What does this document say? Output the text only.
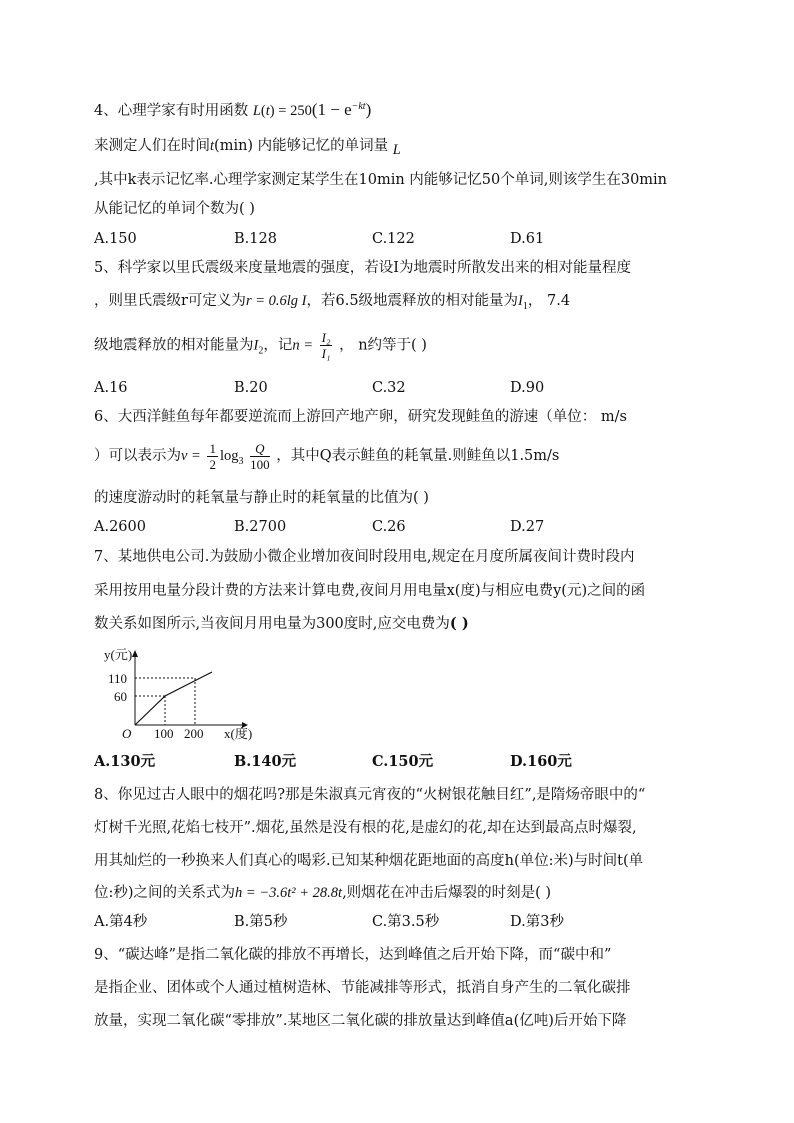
4、心理学家有时用函数 $L(t) = 250(1 - e^{-kt})$
来测定人们在时间t(min) 内能够记忆的单词量 L
,其中k表示记忆率.心理学家测定某学生在10min 内能够记忆50个单词,则该学生在30min
从能记忆的单词个数为( )
A.150	B.128	C.122	D.61
5、科学家以里氏震级来度量地震的强度，若设I为地震时所散发出来的相对能量程度
，则里氏震级r可定义为r = 0.6lg I，若6.5级地震释放的相对能量为$I_1$， 7.4
级地震释放的相对能量为$I_2$，记$n = \frac{\text{I₂}}{\text{I₁}}$ ， n约等于( )
A.16	B.20	C.32	D.90
6、大西洋鲑鱼每年都要逆流而上游回产地产卵，研究发现鲑鱼的游速（单位： m/s
）可以表示为$v = \frac{1}{2} \log_3 \frac{Q}{100}$ ，其中Q表示鲑鱼的耗氧量.则鲑鱼以1.5m/s
的速度游动时的耗氧量与静止时的耗氧量的比值为( )
A.2600	B.2700	C.26	D.27
7、某地供电公司.为鼓励小微企业增加夜间时段用电,规定在月度所属夜间计费时段内
采用按用电量分段计费的方法来计算电费,夜间月用电量x(度)与相应电费y(元)之间的函
数关系如图所示,当夜间月用电量为300度时,应交电费为( )
y(元)
110
60
O 100 200 x(度)
A.130元	B.140元	C.150元	D.160元
8、你见过古人眼中的烟花吗?那是朱淑真元宵夜的“火树银花触目红”,是隋炀帝眼中的“
灯树千光照,花焰七枝开”.烟花,虽然是没有根的花,是虚幻的花,却在达到最高点时爆裂,
用其灿烂的一秒换来人们真心的喝彩.已知某种烟花距地面的高度h(单位:米)与时间t(单
位:秒)之间的关系式为h = −3.6t² + 28.8t,则烟花在冲击后爆裂的时刻是( )
A.第4秒	B.第5秒	C.第3.5秒	D.第3秒
9、“碳达峰”是指二氧化碳的排放不再增长，达到峰值之后开始下降，而“碳中和”
是指企业、团体或个人通过植树造林、节能减排等形式，抵消自身产生的二氧化碳排
放量，实现二氧化碳“零排放”.某地区二氧化碳的排放量达到峰值a(亿吨)后开始下降
